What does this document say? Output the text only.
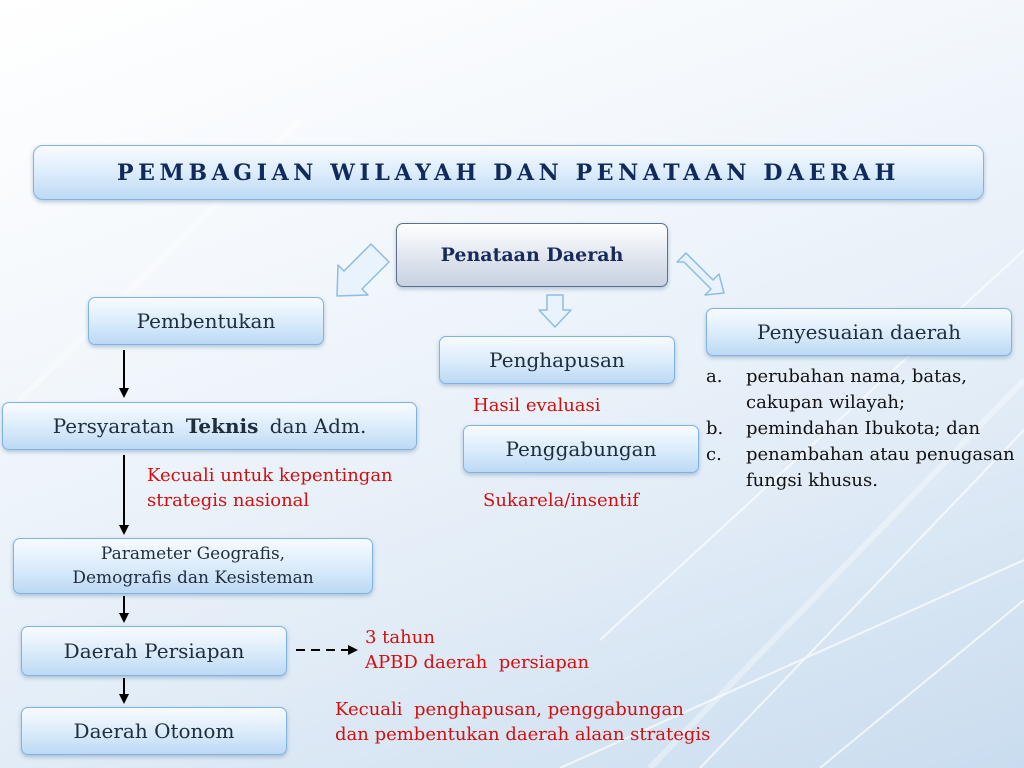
PEMBAGIAN WILAYAH DAN PENATAAN DAERAH
Penataan Daerah
Pembentukan
Penghapusan
Penyesuaian daerah
Persyaratan Teknis dan Adm.
Hasil evaluasi
Penggabungan
Sukarela/insentif
Kecuali untuk kepentingan
strategis nasional
Parameter Geografis,
Demografis dan Kesisteman
Daerah Persiapan
3 tahun
APBD daerah  persiapan
Daerah Otonom
Kecuali  penghapusan, penggabungan
dan pembentukan daerah alaan strategis
a.	perubahan nama, batas, cakupan wilayah;
b.	pemindahan Ibukota; dan
c.	penambahan atau penugasan fungsi khusus.
